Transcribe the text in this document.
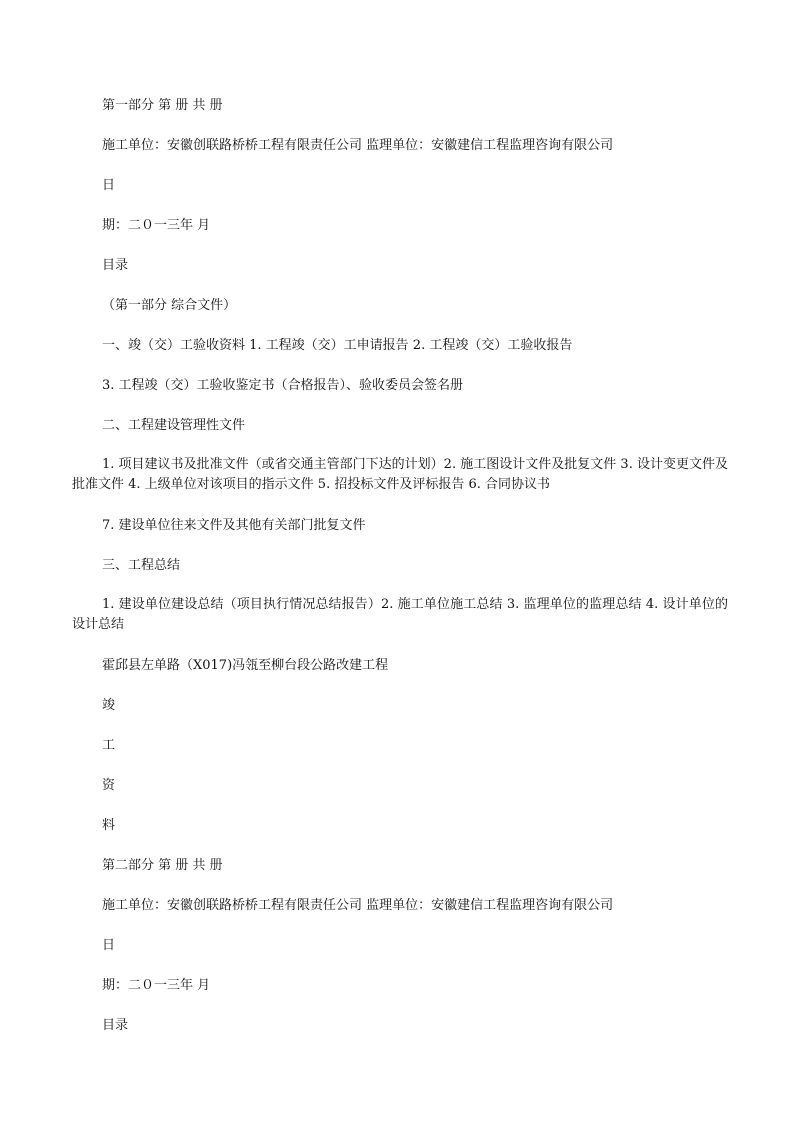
第一部分 第 册 共 册
施工单位：安徽创联路桥桥工程有限责任公司 监理单位：安徽建信工程监理咨询有限公司
日
期：二０一三年 月
目录
（第一部分 综合文件）
一、竣（交）工验收资料 1. 工程竣（交）工申请报告 2. 工程竣（交）工验收报告
3. 工程竣（交）工验收鉴定书（合格报告）、验收委员会签名册
二、工程建设管理性文件
1. 项目建议书及批准文件（或省交通主管部门下达的计划）2. 施工图设计文件及批复文件 3. 设计变更文件及批准文件 4. 上级单位对该项目的指示文件 5. 招投标文件及评标报告 6. 合同协议书
7. 建设单位往来文件及其他有关部门批复文件
三、工程总结
1. 建设单位建设总结（项目执行情况总结报告）2. 施工单位施工总结 3. 监理单位的监理总结 4. 设计单位的设计总结
霍邱县左单路（X017)冯瓴至柳台段公路改建工程
竣
工
资
料
第二部分 第 册 共 册
施工单位：安徽创联路桥桥工程有限责任公司 监理单位：安徽建信工程监理咨询有限公司
日
期：二０一三年 月
目录
